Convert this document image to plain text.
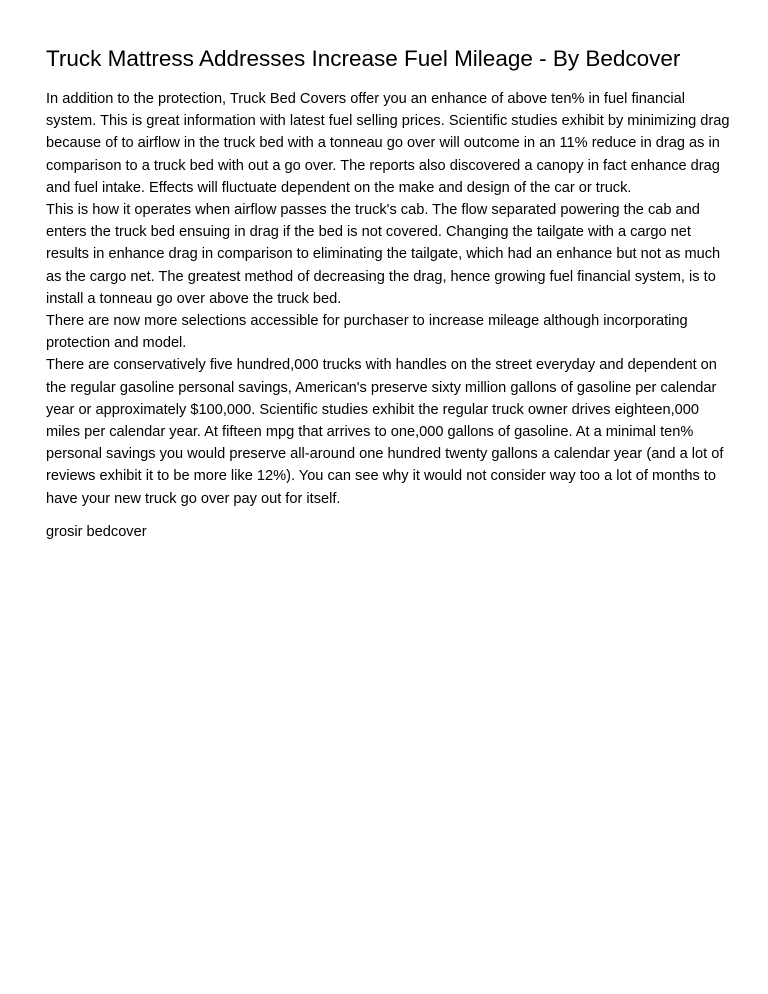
Truck Mattress Addresses Increase Fuel Mileage - By Bedcover

In addition to the protection, Truck Bed Covers offer you an enhance of above ten% in fuel financial system. This is great information with latest fuel selling prices. Scientific studies exhibit by minimizing drag because of to airflow in the truck bed with a tonneau go over will outcome in an 11% reduce in drag as in comparison to a truck bed with out a go over. The reports also discovered a canopy in fact enhance drag and fuel intake. Effects will fluctuate dependent on the make and design of the car or truck.

This is how it operates when airflow passes the truck's cab. The flow separated powering the cab and enters the truck bed ensuing in drag if the bed is not covered. Changing the tailgate with a cargo net results in enhance drag in comparison to eliminating the tailgate, which had an enhance but not as much as the cargo net. The greatest method of decreasing the drag, hence growing fuel financial system, is to install a tonneau go over above the truck bed.

There are now more selections accessible for purchaser to increase mileage although incorporating protection and model.

There are conservatively five hundred,000 trucks with handles on the street everyday and dependent on the regular gasoline personal savings, American's preserve sixty million gallons of gasoline per calendar year or approximately $100,000. Scientific studies exhibit the regular truck owner drives eighteen,000 miles per calendar year. At fifteen mpg that arrives to one,000 gallons of gasoline. At a minimal ten% personal savings you would preserve all-around one hundred twenty gallons a calendar year (and a lot of reviews exhibit it to be more like 12%). You can see why it would not consider way too a lot of months to have your new truck go over pay out for itself.

grosir bedcover
